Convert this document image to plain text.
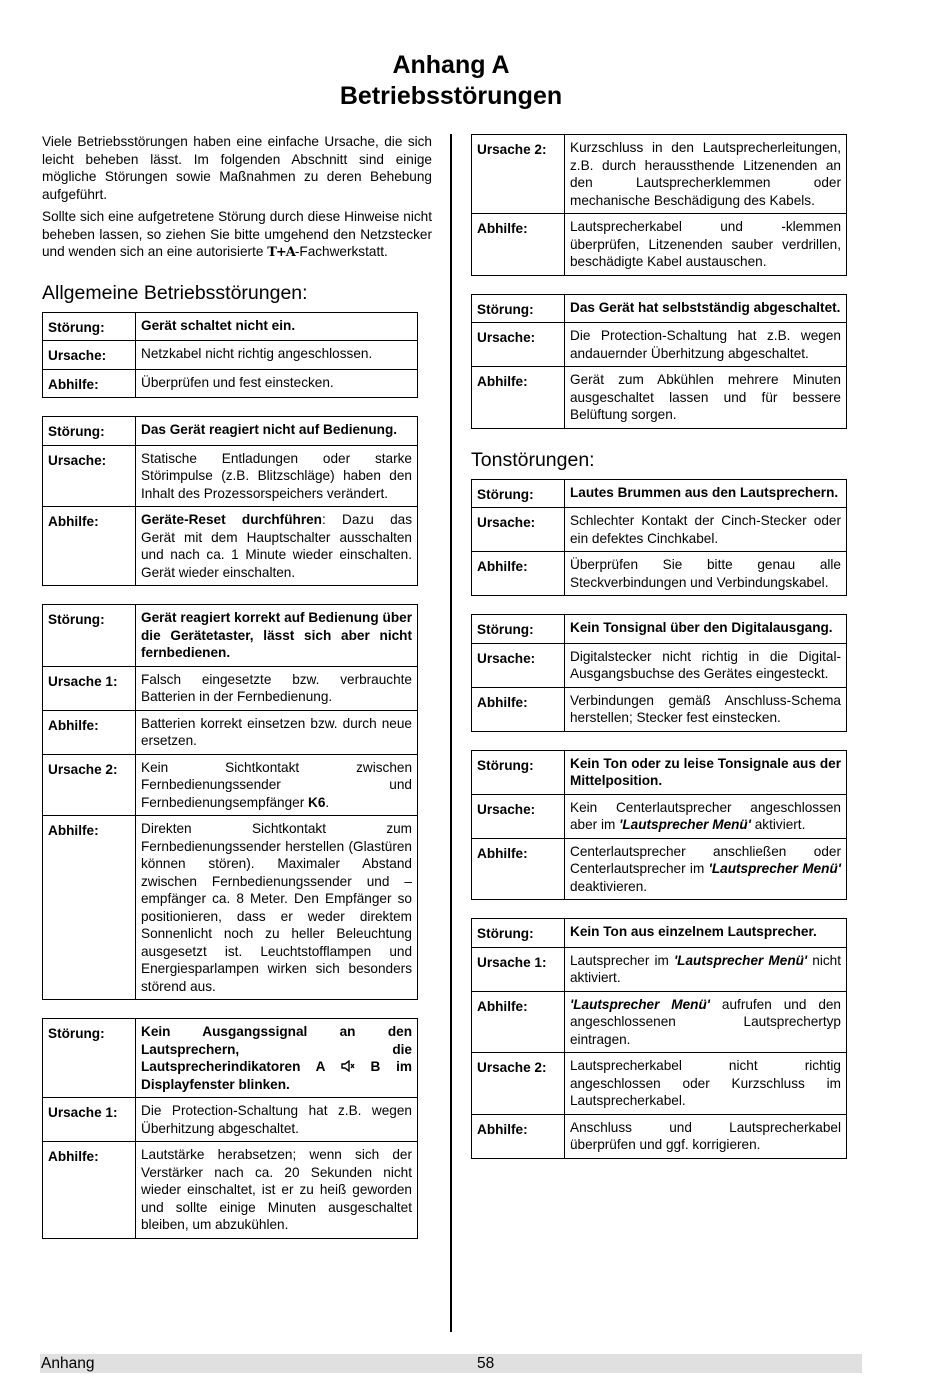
Anhang A
Betriebsstörungen

Viele Betriebsstörungen haben eine einfache Ursache, die sich leicht beheben lässt. Im folgenden Abschnitt sind einige mögliche Störungen sowie Maßnahmen zu deren Behebung aufgeführt.

Sollte sich eine aufgetretene Störung durch diese Hinweise nicht beheben lassen, so ziehen Sie bitte umgehend den Netzstecker und wenden sich an eine autorisierte T+A-Fachwerkstatt.

Allgemeine Betriebsstörungen:
Störung:	Gerät schaltet nicht ein.
Ursache:	Netzkabel nicht richtig angeschlossen.
Abhilfe:	Überprüfen und fest einstecken.
Störung:	Das Gerät reagiert nicht auf Bedienung.
Ursache:	Statische Entladungen oder starke Störimpulse (z.B. Blitzschläge) haben den Inhalt des Prozessorspeichers verändert.
Abhilfe:	Geräte-Reset durchführen: Dazu das Gerät mit dem Hauptschalter ausschalten und nach ca. 1 Minute wieder einschalten. Gerät wieder einschalten.
Störung:	Gerät reagiert korrekt auf Bedienung über die Gerätetaster, lässt sich aber nicht fernbedienen.
Ursache 1:	Falsch eingesetzte bzw. verbrauchte Batterien in der Fernbedienung.
Abhilfe:	Batterien korrekt einsetzen bzw. durch neue ersetzen.
Ursache 2:	Kein Sichtkontakt zwischen Fernbedienungssender und Fernbedienungsempfänger K6.
Abhilfe:	Direkten Sichtkontakt zum Fernbedienungssender herstellen (Glastüren können stören). Maximaler Abstand zwischen Fernbedienungssender und –empfänger ca. 8 Meter. Den Empfänger so positionieren, dass er weder direktem Sonnenlicht noch zu heller Beleuchtung ausgesetzt ist. Leuchtstofflampen und Energiesparlampen wirken sich besonders störend aus.
Störung:	Kein Ausgangssignal an den Lautsprechern, die Lautsprecherindikatoren A  B im Displayfenster blinken.
Ursache 1:	Die Protection-Schaltung hat z.B. wegen Überhitzung abgeschaltet.
Abhilfe:	Lautstärke herabsetzen; wenn sich der Verstärker nach ca. 20 Sekunden nicht wieder einschaltet, ist er zu heiß geworden und sollte einige Minuten ausgeschaltet bleiben, um abzukühlen.
Ursache 2:	Kurzschluss in den Lautsprecherleitungen, z.B. durch heraussthende Litzenenden an den Lautsprecherklemmen oder mechanische Beschädigung des Kabels.
Abhilfe:	Lautsprecherkabel und -klemmen überprüfen, Litzenenden sauber verdrillen, beschädigte Kabel austauschen.
Störung:	Das Gerät hat selbstständig abgeschaltet.
Ursache:	Die Protection-Schaltung hat z.B. wegen andauernder Überhitzung abgeschaltet.
Abhilfe:	Gerät zum Abkühlen mehrere Minuten ausgeschaltet lassen und für bessere Belüftung sorgen.
Tonstörungen:
Störung:	Lautes Brummen aus den Lautsprechern.
Ursache:	Schlechter Kontakt der Cinch-Stecker oder ein defektes Cinchkabel.
Abhilfe:	Überprüfen Sie bitte genau alle Steckverbindungen und Verbindungskabel.
Störung:	Kein Tonsignal über den Digitalausgang.
Ursache:	Digitalstecker nicht richtig in die Digital-Ausgangsbuchse des Gerätes eingesteckt.
Abhilfe:	Verbindungen gemäß Anschluss-Schema herstellen; Stecker fest einstecken.
Störung:	Kein Ton oder zu leise Tonsignale aus der Mittelposition.
Ursache:	Kein Centerlautsprecher angeschlossen aber im 'Lautsprecher Menü' aktiviert.
Abhilfe:	Centerlautsprecher anschließen oder Centerlautsprecher im 'Lautsprecher Menü' deaktivieren.
Störung:	Kein Ton aus einzelnem Lautsprecher.
Ursache 1:	Lautsprecher im 'Lautsprecher Menü' nicht aktiviert.
Abhilfe:	'Lautsprecher Menü' aufrufen und den angeschlossenen Lautsprechertyp eintragen.
Ursache 2:	Lautsprecherkabel nicht richtig angeschlossen oder Kurzschluss im Lautsprecherkabel.
Abhilfe:	Anschluss und Lautsprecherkabel überprüfen und ggf. korrigieren.
Anhang	58
